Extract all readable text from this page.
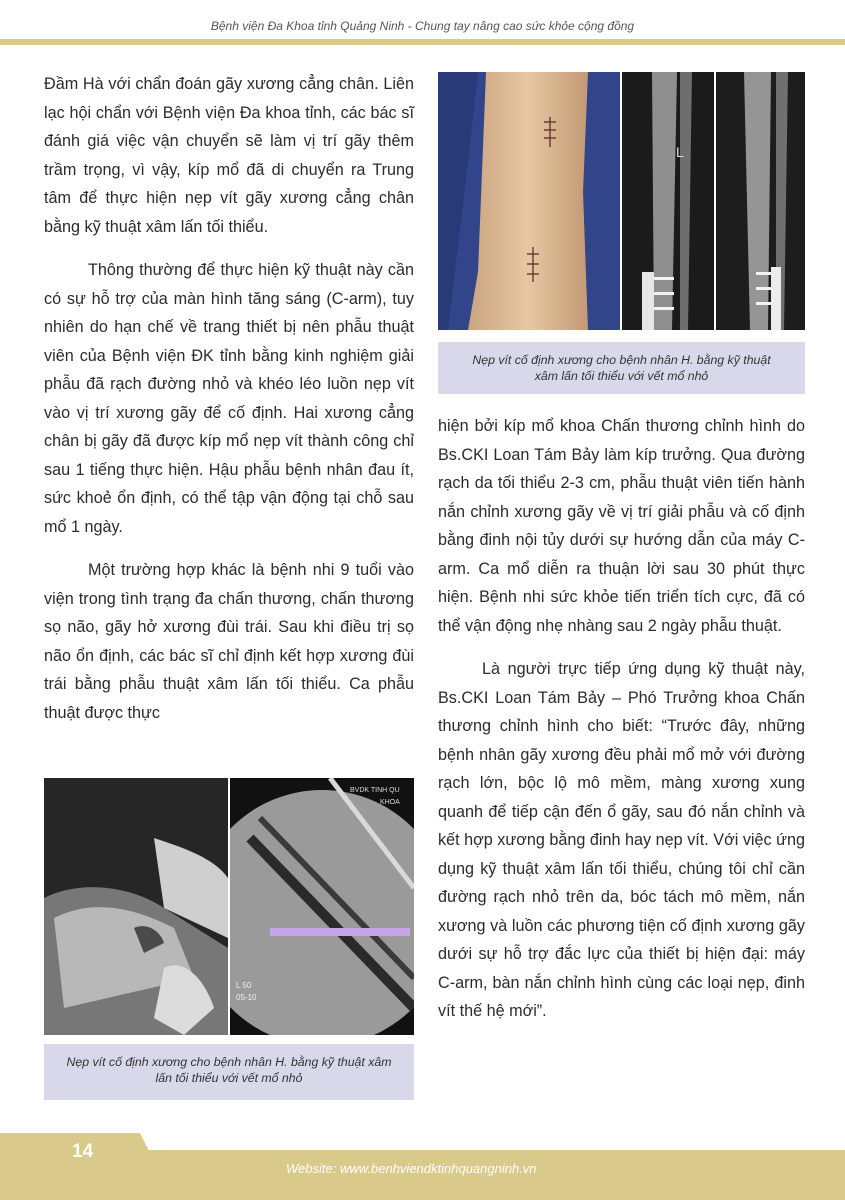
Bệnh viện Đa Khoa tỉnh Quảng Ninh - Chung tay nâng cao sức khỏe cộng đồng

Đầm Hà với chẩn đoán gãy xương cẳng chân. Liên lạc hội chẩn với Bệnh viện Đa khoa tỉnh, các bác sĩ đánh giá việc vận chuyển sẽ làm vị trí gãy thêm trầm trọng, vì vậy, kíp mổ đã di chuyển ra Trung tâm để thực hiện nẹp vít gãy xương cẳng chân bằng kỹ thuật xâm lấn tối thiểu.

Thông thường để thực hiện kỹ thuật này cần có sự hỗ trợ của màn hình tăng sáng (C-arm), tuy nhiên do hạn chế về trang thiết bị nên phẫu thuật viên của Bệnh viện ĐK tỉnh bằng kinh nghiệm giải phẫu đã rạch đường nhỏ và khéo léo luồn nẹp vít vào vị trí xương gãy để cố định. Hai xương cẳng chân bị gãy đã được kíp mổ nẹp vít thành công chỉ sau 1 tiếng thực hiện. Hậu phẫu bệnh nhân đau ít, sức khoẻ ổn định, có thể tập vận động tại chỗ sau mổ 1 ngày.

Một trường hợp khác là bệnh nhi 9 tuổi vào viện trong tình trạng đa chấn thương, chấn thương sọ não, gãy hở xương đùi trái. Sau khi điều trị sọ não ổn định, các bác sĩ chỉ định kết hợp xương đùi trái bằng phẫu thuật xâm lấn tối thiểu. Ca phẫu thuật được thực

L
Nẹp vít cố định xương cho bệnh nhân H. bằng kỹ thuật xâm lấn tối thiểu với vết mổ nhỏ

hiện bởi kíp mổ khoa Chấn thương chỉnh hình do Bs.CKI Loan Tám Bảy làm kíp trưởng. Qua đường rạch da tối thiểu 2-3 cm, phẫu thuật viên tiến hành nắn chỉnh xương gãy về vị trí giải phẫu và cố định bằng đinh nội tủy dưới sự hướng dẫn của máy C-arm. Ca mổ diễn ra thuận lời sau 30 phút thực hiện. Bệnh nhi sức khỏe tiến triển tích cực, đã có thể vận động nhẹ nhàng sau 2 ngày phẫu thuật.

Là người trực tiếp ứng dụng kỹ thuật này, Bs.CKI Loan Tám Bảy – Phó Trưởng khoa Chấn thương chỉnh hình cho biết: “Trước đây, những bệnh nhân gãy xương đều phải mổ mở với đường rạch lớn, bộc lộ mô mềm, màng xương xung quanh để tiếp cận đến ổ gãy, sau đó nắn chỉnh và kết hợp xương bằng đinh hay nẹp vít. Với việc ứng dụng kỹ thuật xâm lấn tối thiểu, chúng tôi chỉ cần đường rạch nhỏ trên da, bóc tách mô mềm, nắn xương và luồn các phương tiện cố định xương gãy dưới sự hỗ trợ đắc lực của thiết bị hiện đại: máy C-arm, bàn nắn chỉnh hình cùng các loại nẹp, đinh vít thế hệ mới”.

BVDK TINH QU
KHOA
L 50
05-10
Nẹp vít cố định xương cho bệnh nhân H. bằng kỹ thuật xâm lấn tối thiểu với vết mổ nhỏ
14
Website: www.benhviendktinhquangninh.vn
